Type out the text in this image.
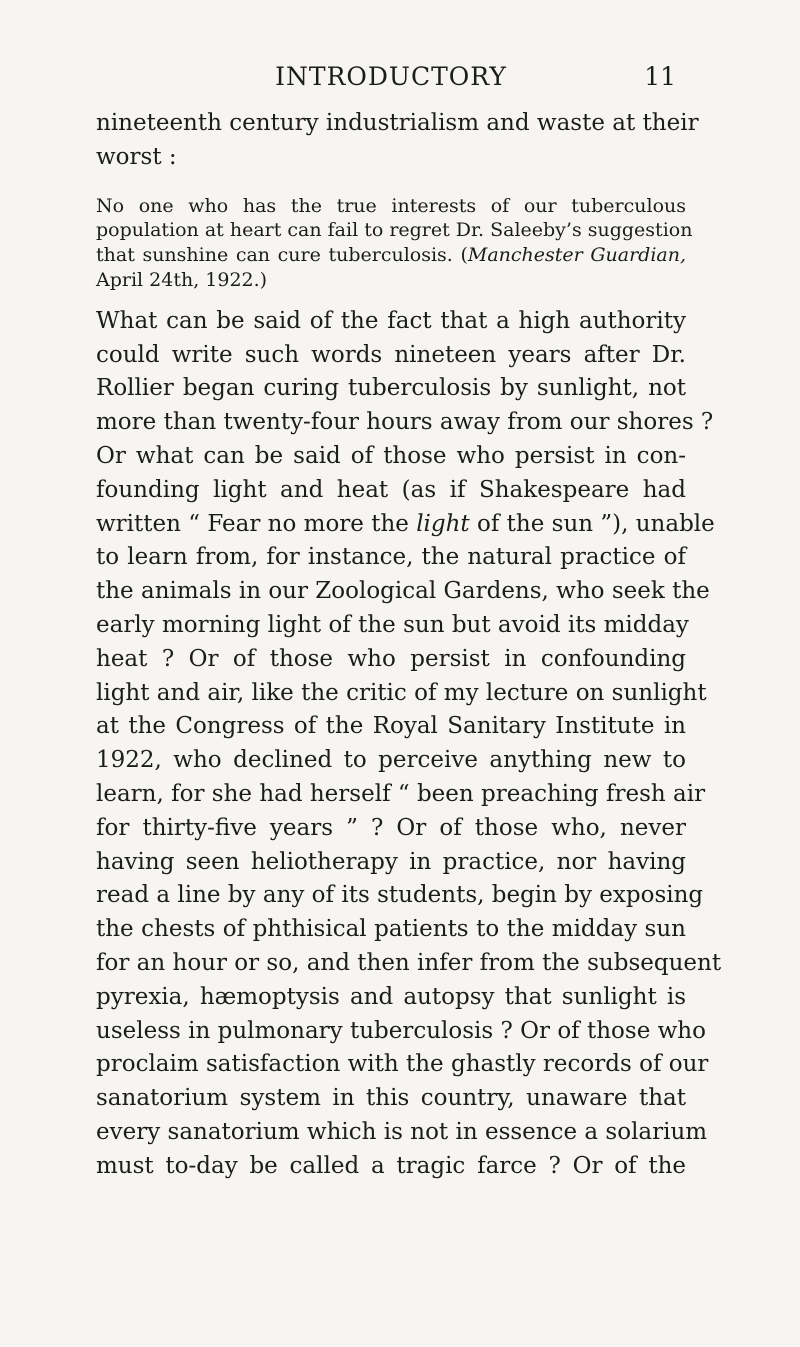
INTRODUCTORY	11
nineteenth century industrialism and waste at their
worst :
No one who has the true interests of our tuberculous
population at heart can fail to regret Dr. Saleeby’s suggestion
that sunshine can cure tuberculosis. (Manchester Guardian,
April 24th, 1922.)
What can be said of the fact that a high authority
could write such words nineteen years after Dr.
Rollier began curing tuberculosis by sunlight, not
more than twenty-four hours away from our shores ?
Or what can be said of those who persist in con-
founding light and heat (as if Shakespeare had
written “ Fear no more the light of the sun ”), unable
to learn from, for instance, the natural practice of
the animals in our Zoological Gardens, who seek the
early morning light of the sun but avoid its midday
heat ? Or of those who persist in confounding
light and air, like the critic of my lecture on sunlight
at the Congress of the Royal Sanitary Institute in
1922, who declined to perceive anything new to
learn, for she had herself “ been preaching fresh air
for thirty-five years ” ? Or of those who, never
having seen heliotherapy in practice, nor having
read a line by any of its students, begin by exposing
the chests of phthisical patients to the midday sun
for an hour or so, and then infer from the subsequent
pyrexia, hæmoptysis and autopsy that sunlight is
useless in pulmonary tuberculosis ? Or of those who
proclaim satisfaction with the ghastly records of our
sanatorium system in this country, unaware that
every sanatorium which is not in essence a solarium
must to-day be called a tragic farce ? Or of the
